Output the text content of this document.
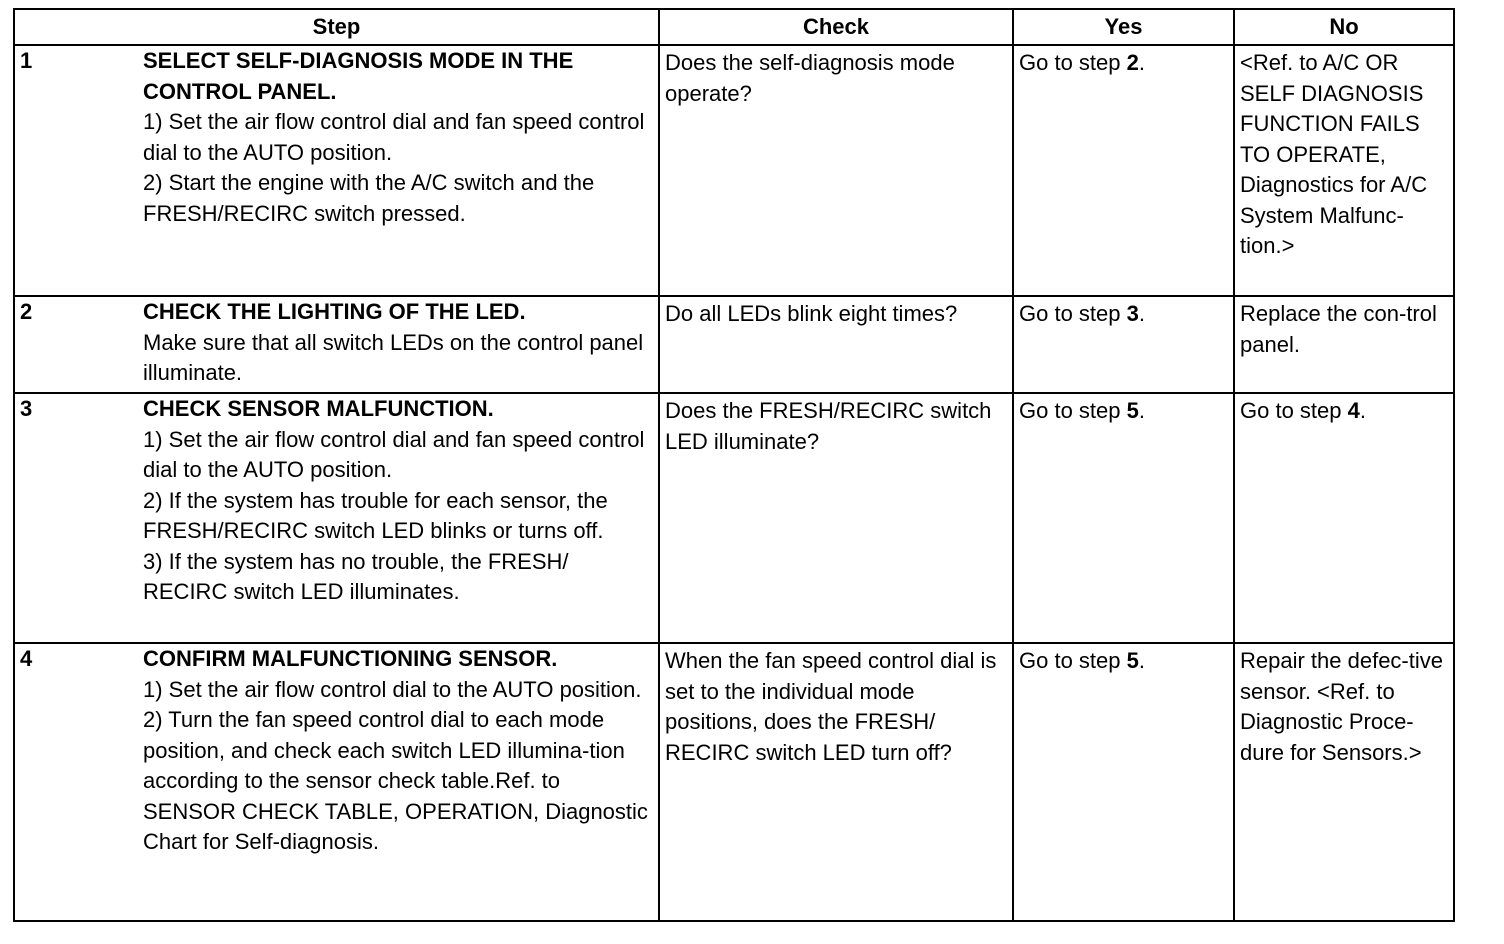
Step	Check	Yes	No

1 SELECT SELF-DIAGNOSIS MODE IN THE CONTROL PANEL.
1) Set the air flow control dial and fan speed control dial to the AUTO position.
2) Start the engine with the A/C switch and the FRESH/RECIRC switch pressed.	Does the self-diagnosis mode operate?	Go to step 2.	<Ref. to A/C OR SELF DIAGNOSIS FUNCTION FAILS TO OPERATE, Diagnostics for A/C System Malfunc-tion.>

2 CHECK THE LIGHTING OF THE LED.
Make sure that all switch LEDs on the control panel illuminate.	Do all LEDs blink eight times?	Go to step 3.	Replace the con-trol panel.

3 CHECK SENSOR MALFUNCTION.
1) Set the air flow control dial and fan speed control dial to the AUTO position.
2) If the system has trouble for each sensor, the FRESH/RECIRC switch LED blinks or turns off.
3) If the system has no trouble, the FRESH/ RECIRC switch LED illuminates.	Does the FRESH/RECIRC switch LED illuminate?	Go to step 5.	Go to step 4.

4 CONFIRM MALFUNCTIONING SENSOR.
1) Set the air flow control dial to the AUTO position.
2) Turn the fan speed control dial to each mode position, and check each switch LED illumina-tion according to the sensor check table.Ref. to SENSOR CHECK TABLE, OPERATION, Diagnostic Chart for Self-diagnosis.	When the fan speed control dial is set to the individual mode positions, does the FRESH/ RECIRC switch LED turn off?	Go to step 5.	Repair the defec-tive sensor. <Ref. to Diagnostic Proce-dure for Sensors.>
